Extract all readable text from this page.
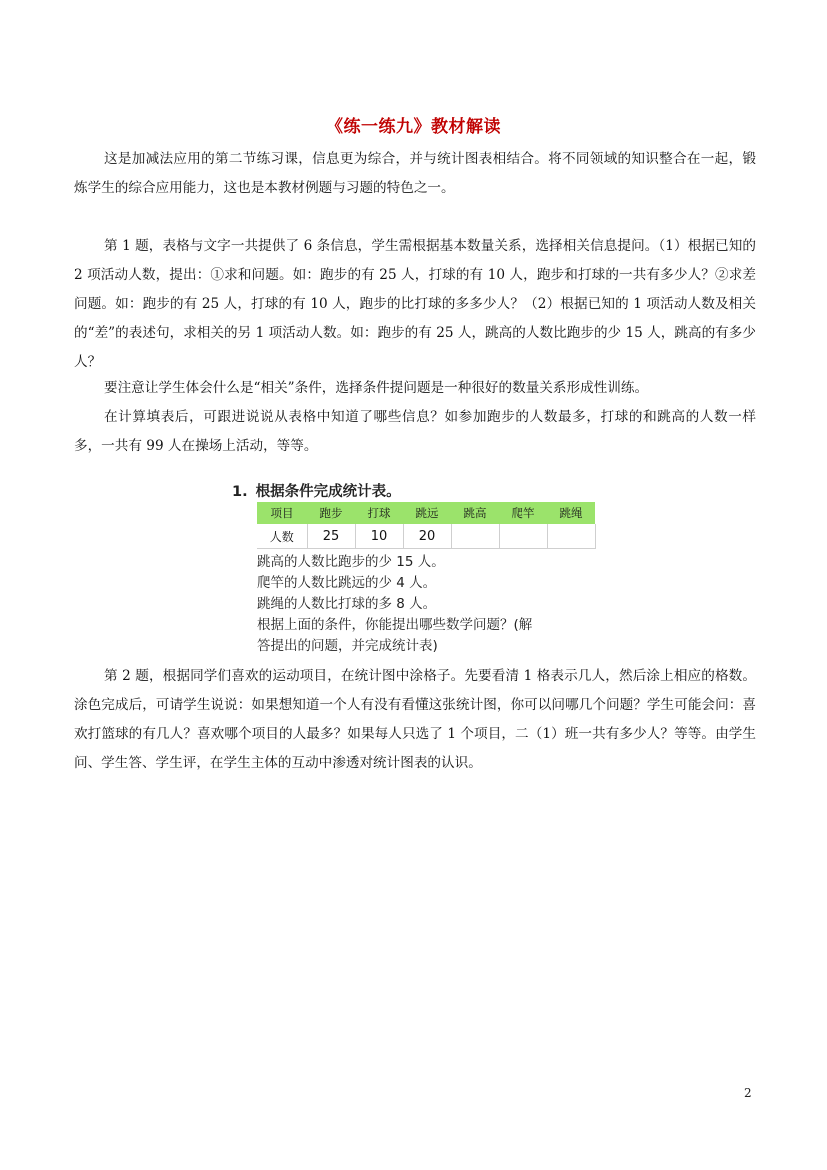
《练一练九》教材解读

这是加减法应用的第二节练习课，信息更为综合，并与统计图表相结合。将不同领域的知识整合在一起，锻炼学生的综合应用能力，这也是本教材例题与习题的特色之一。

第 1 题，表格与文字一共提供了 6 条信息，学生需根据基本数量关系，选择相关信息提问。（1）根据已知的 2 项活动人数，提出：①求和问题。如：跑步的有 25 人，打球的有 10 人，跑步和打球的一共有多少人？②求差问题。如：跑步的有 25 人，打球的有 10 人，跑步的比打球的多多少人？（2）根据已知的 1 项活动人数及相关的“差”的表述句，求相关的另 1 项活动人数。如：跑步的有 25 人，跳高的人数比跑步的少 15 人，跳高的有多少人？

要注意让学生体会什么是“相关”条件，选择条件提问题是一种很好的数量关系形成性训练。

在计算填表后，可跟进说说从表格中知道了哪些信息？如参加跑步的人数最多，打球的和跳高的人数一样多，一共有 99 人在操场上活动，等等。

1. 根据条件完成统计表。
项目	跑步	打球	跳远	跳高	爬竿	跳绳
人数	25	10	20			
跳高的人数比跑步的少 15 人。
爬竿的人数比跳远的少 4 人。
跳绳的人数比打球的多 8 人。
根据上面的条件，你能提出哪些数学问题？(解
答提出的问题，并完成统计表)

第 2 题，根据同学们喜欢的运动项目，在统计图中涂格子。先要看清 1 格表示几人，然后涂上相应的格数。涂色完成后，可请学生说说：如果想知道一个人有没有看懂这张统计图，你可以问哪几个问题？学生可能会问：喜欢打篮球的有几人？喜欢哪个项目的人最多？如果每人只选了 1 个项目，二（1）班一共有多少人？等等。由学生问、学生答、学生评，在学生主体的互动中渗透对统计图表的认识。

2
